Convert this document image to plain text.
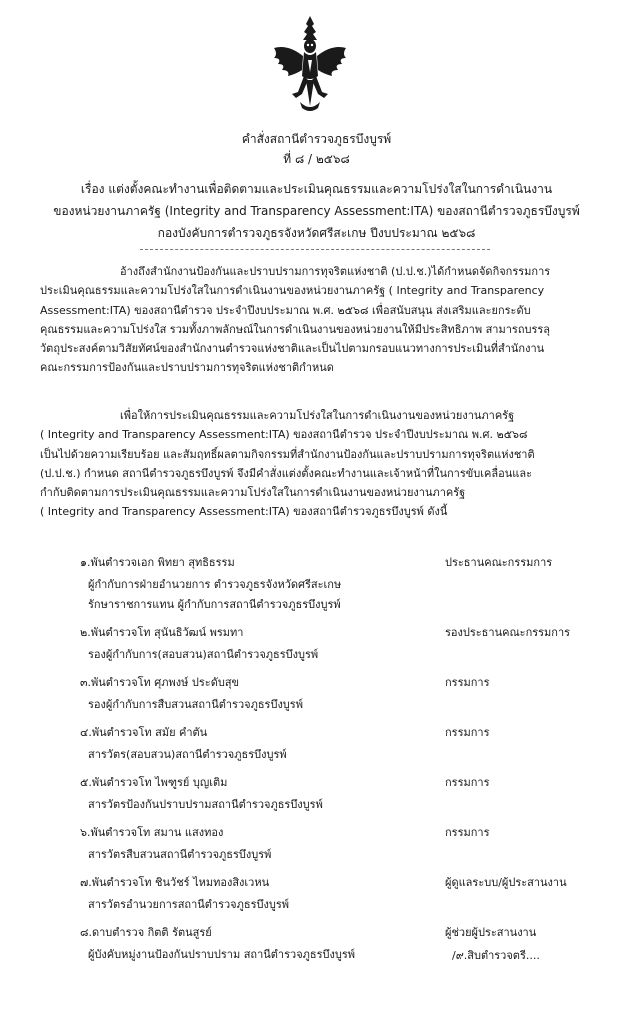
คำสั่งสถานีตำรวจภูธรบึงบูรพ์
ที่ ๘ / ๒๕๖๘
เรื่อง แต่งตั้งคณะทำงานเพื่อติดตามและประเมินคุณธรรมและความโปร่งใสในการดำเนินงาน
ของหน่วยงานภาครัฐ (Integrity and Transparency Assessment:ITA) ของสถานีตำรวจภูธรบึงบูรพ์
กองบังคับการตำรวจภูธรจังหวัดศรีสะเกษ ปีงบประมาณ ๒๕๖๘

อ้างถึงสำนักงานป้องกันและปราบปรามการทุจริตแห่งชาติ (ป.ป.ช.)ได้กำหนดจัดกิจกรรมการ
ประเมินคุณธรรมและความโปร่งใสในการดำเนินงานของหน่วยงานภาครัฐ ( Integrity and Transparency
Assessment:ITA) ของสถานีตำรวจ ประจำปีงบประมาณ พ.ศ. ๒๕๖๘ เพื่อสนับสนุน ส่งเสริมและยกระดับ
คุณธรรมและความโปร่งใส รวมทั้งภาพลักษณ์ในการดำเนินงานของหน่วยงานให้มีประสิทธิภาพ สามารถบรรลุ
วัตถุประสงค์ตามวิสัยทัศน์ของสำนักงานตำรวจแห่งชาติและเป็นไปตามกรอบแนวทางการประเมินที่สำนักงาน
คณะกรรมการป้องกันและปราบปรามการทุจริตแห่งชาติกำหนด

เพื่อให้การประเมินคุณธรรมและความโปร่งใสในการดำเนินงานของหน่วยงานภาครัฐ
( Integrity and Transparency Assessment:ITA) ของสถานีตำรวจ ประจำปีงบประมาณ พ.ศ. ๒๕๖๘
เป็นไปด้วยความเรียบร้อย และสัมฤทธิ์ผลตามกิจกรรมที่สำนักงานป้องกันและปราบปรามการทุจริตแห่งชาติ
(ป.ป.ช.) กำหนด สถานีตำรวจภูธรบึงบูรพ์ จึงมีคำสั่งแต่งตั้งคณะทำงานและเจ้าหน้าที่ในการขับเคลื่อนและ
กำกับติดตามการประเมินคุณธรรมและความโปร่งใสในการดำเนินงานของหน่วยงานภาครัฐ
( Integrity and Transparency Assessment:ITA) ของสถานีตำรวจภูธรบึงบูรพ์ ดังนี้

๑.พันตำรวจเอก พิทยา สุทธิธรรม	ประธานคณะกรรมการ
ผู้กำกับการฝ่ายอำนวยการ ตำรวจภูธรจังหวัดศรีสะเกษ
รักษาราชการแทน ผู้กำกับการสถานีตำรวจภูธรบึงบูรพ์
๒.พันตำรวจโท สุนันธิวัฒน์ พรมทา	รองประธานคณะกรรมการ
รองผู้กำกับการ(สอบสวน)สถานีตำรวจภูธรบึงบูรพ์
๓.พันตำรวจโท ศุภพงษ์ ประดับสุข	กรรมการ
รองผู้กำกับการสืบสวนสถานีตำรวจภูธรบึงบูรพ์
๔.พันตำรวจโท สมัย คำตัน	กรรมการ
สารวัตร(สอบสวน)สถานีตำรวจภูธรบึงบูรพ์
๕.พันตำรวจโท ไพฑูรย์ บุญเติม	กรรมการ
สารวัตรป้องกันปราบปรามสถานีตำรวจภูธรบึงบูรพ์
๖.พันตำรวจโท สมาน แสงทอง	กรรมการ
สารวัตรสืบสวนสถานีตำรวจภูธรบึงบูรพ์
๗.พันตำรวจโท ชินวัชร์ ไหมทองสิงเวหน	ผู้ดูแลระบบ/ผู้ประสานงาน
สารวัตรอำนวยการสถานีตำรวจภูธรบึงบูรพ์
๘.ดาบตำรวจ กิตติ รัตนสูรย์	ผู้ช่วยผู้ประสานงาน
ผู้บังคับหมู่งานป้องกันปราบปราม สถานีตำรวจภูธรบึงบูรพ์	/๙.สิบตำรวจตรี....
